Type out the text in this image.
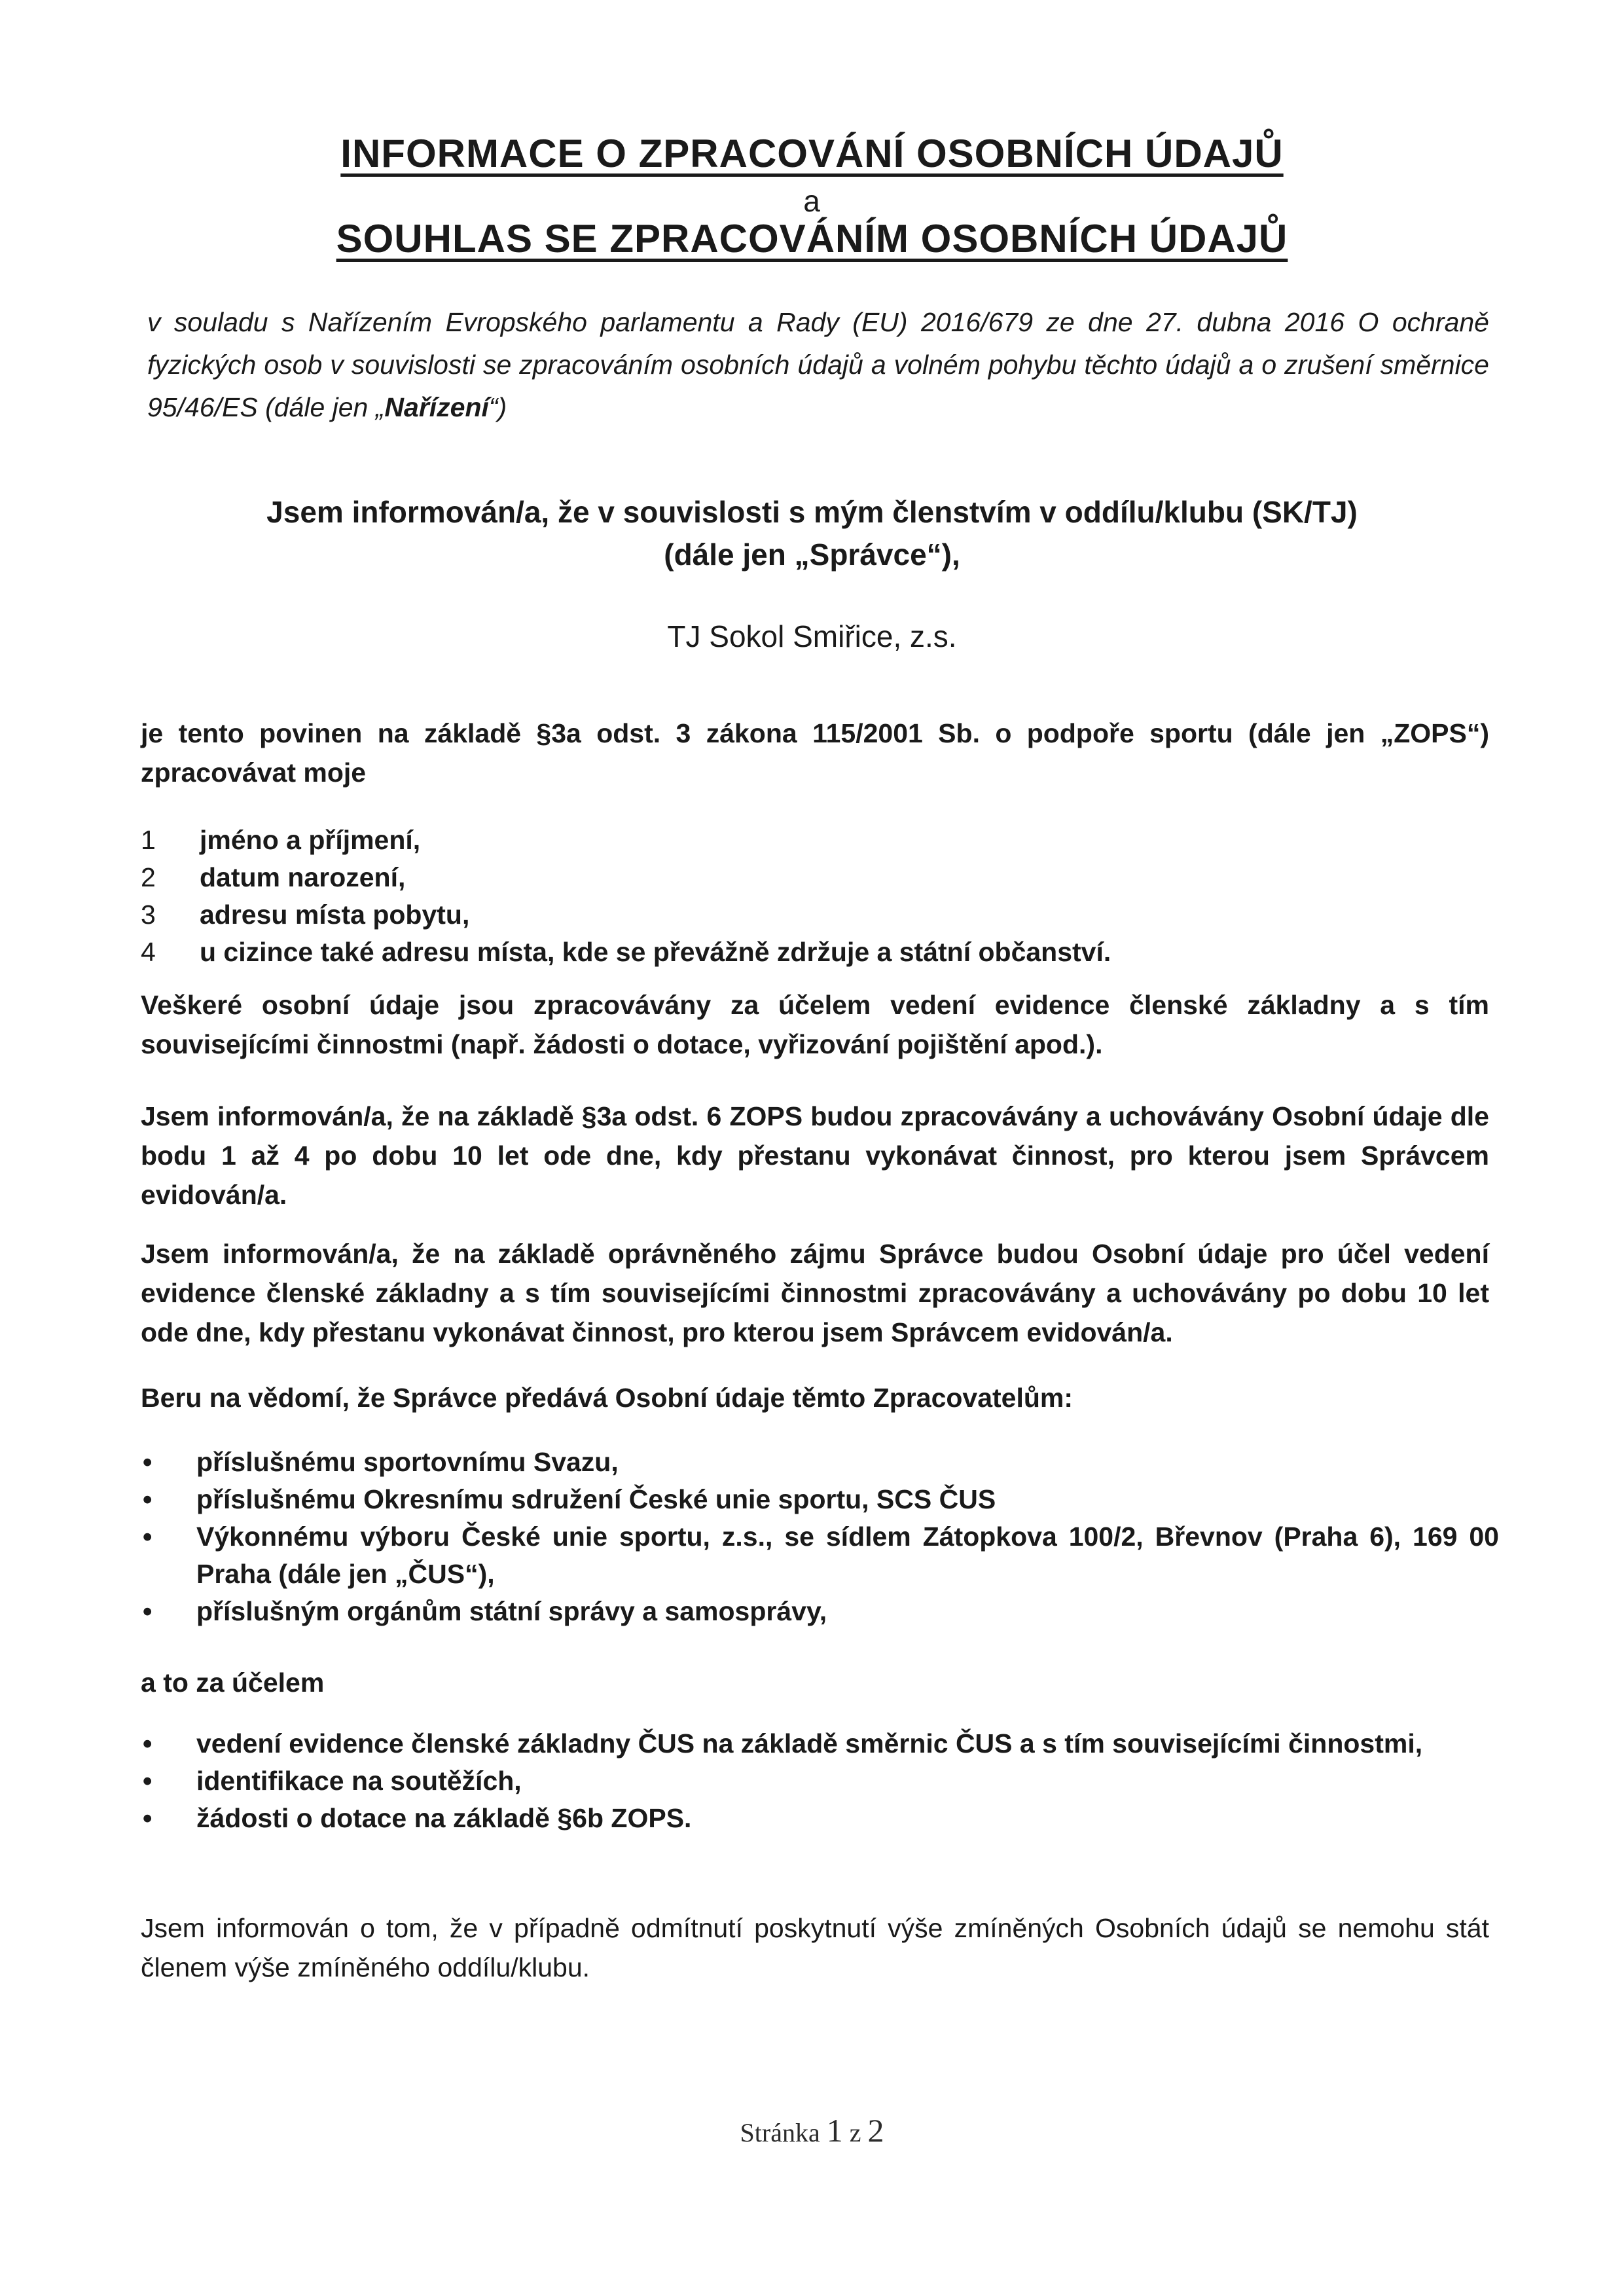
INFORMACE O ZPRACOVÁNÍ OSOBNÍCH ÚDAJŮ
a
SOUHLAS SE ZPRACOVÁNÍM OSOBNÍCH ÚDAJŮ
v souladu s Nařízením Evropského parlamentu a Rady (EU) 2016/679 ze dne 27. dubna 2016 O ochraně fyzických osob v souvislosti se zpracováním osobních údajů a volném pohybu těchto údajů a o zrušení směrnice 95/46/ES (dále jen „Nařízení“)
Jsem informován/a, že v souvislosti s mým členstvím v oddílu/klubu (SK/TJ)
(dále jen „Správce“),
TJ Sokol Smiřice, z.s.
je tento povinen na základě §3a odst. 3 zákona 115/2001 Sb. o podpoře sportu (dále jen „ZOPS“) zpracovávat moje
1	jméno a příjmení,
2	datum narození,
3	adresu místa pobytu,
4	u cizince také adresu místa, kde se převážně zdržuje a státní občanství.
Veškeré osobní údaje jsou zpracovávány za účelem vedení evidence členské základny a s tím souvisejícími činnostmi (např. žádosti o dotace, vyřizování pojištění apod.).
Jsem informován/a, že na základě §3a odst. 6 ZOPS budou zpracovávány a uchovávány Osobní údaje dle bodu 1 až 4 po dobu 10 let ode dne, kdy přestanu vykonávat činnost, pro kterou jsem Správcem evidován/a.
Jsem informován/a, že na základě oprávněného zájmu Správce budou Osobní údaje pro účel vedení evidence členské základny a s tím souvisejícími činnostmi zpracovávány a uchovávány po dobu 10 let ode dne, kdy přestanu vykonávat činnost, pro kterou jsem Správcem evidován/a.
Beru na vědomí, že Správce předává Osobní údaje těmto Zpracovatelům:
•	příslušnému sportovnímu Svazu,
•	příslušnému Okresnímu sdružení České unie sportu, SCS ČUS
•	Výkonnému výboru České unie sportu, z.s., se sídlem Zátopkova 100/2, Břevnov (Praha 6), 169 00 Praha (dále jen „ČUS“),
•	příslušným orgánům státní správy a samosprávy,
a to za účelem
•	vedení evidence členské základny ČUS na základě směrnic ČUS a s tím souvisejícími činnostmi,
•	identifikace na soutěžích,
•	žádosti o dotace na základě §6b ZOPS.
Jsem informován o tom, že v případně odmítnutí poskytnutí výše zmíněných Osobních údajů se nemohu stát členem výše zmíněného oddílu/klubu.
Stránka 1 z 2
